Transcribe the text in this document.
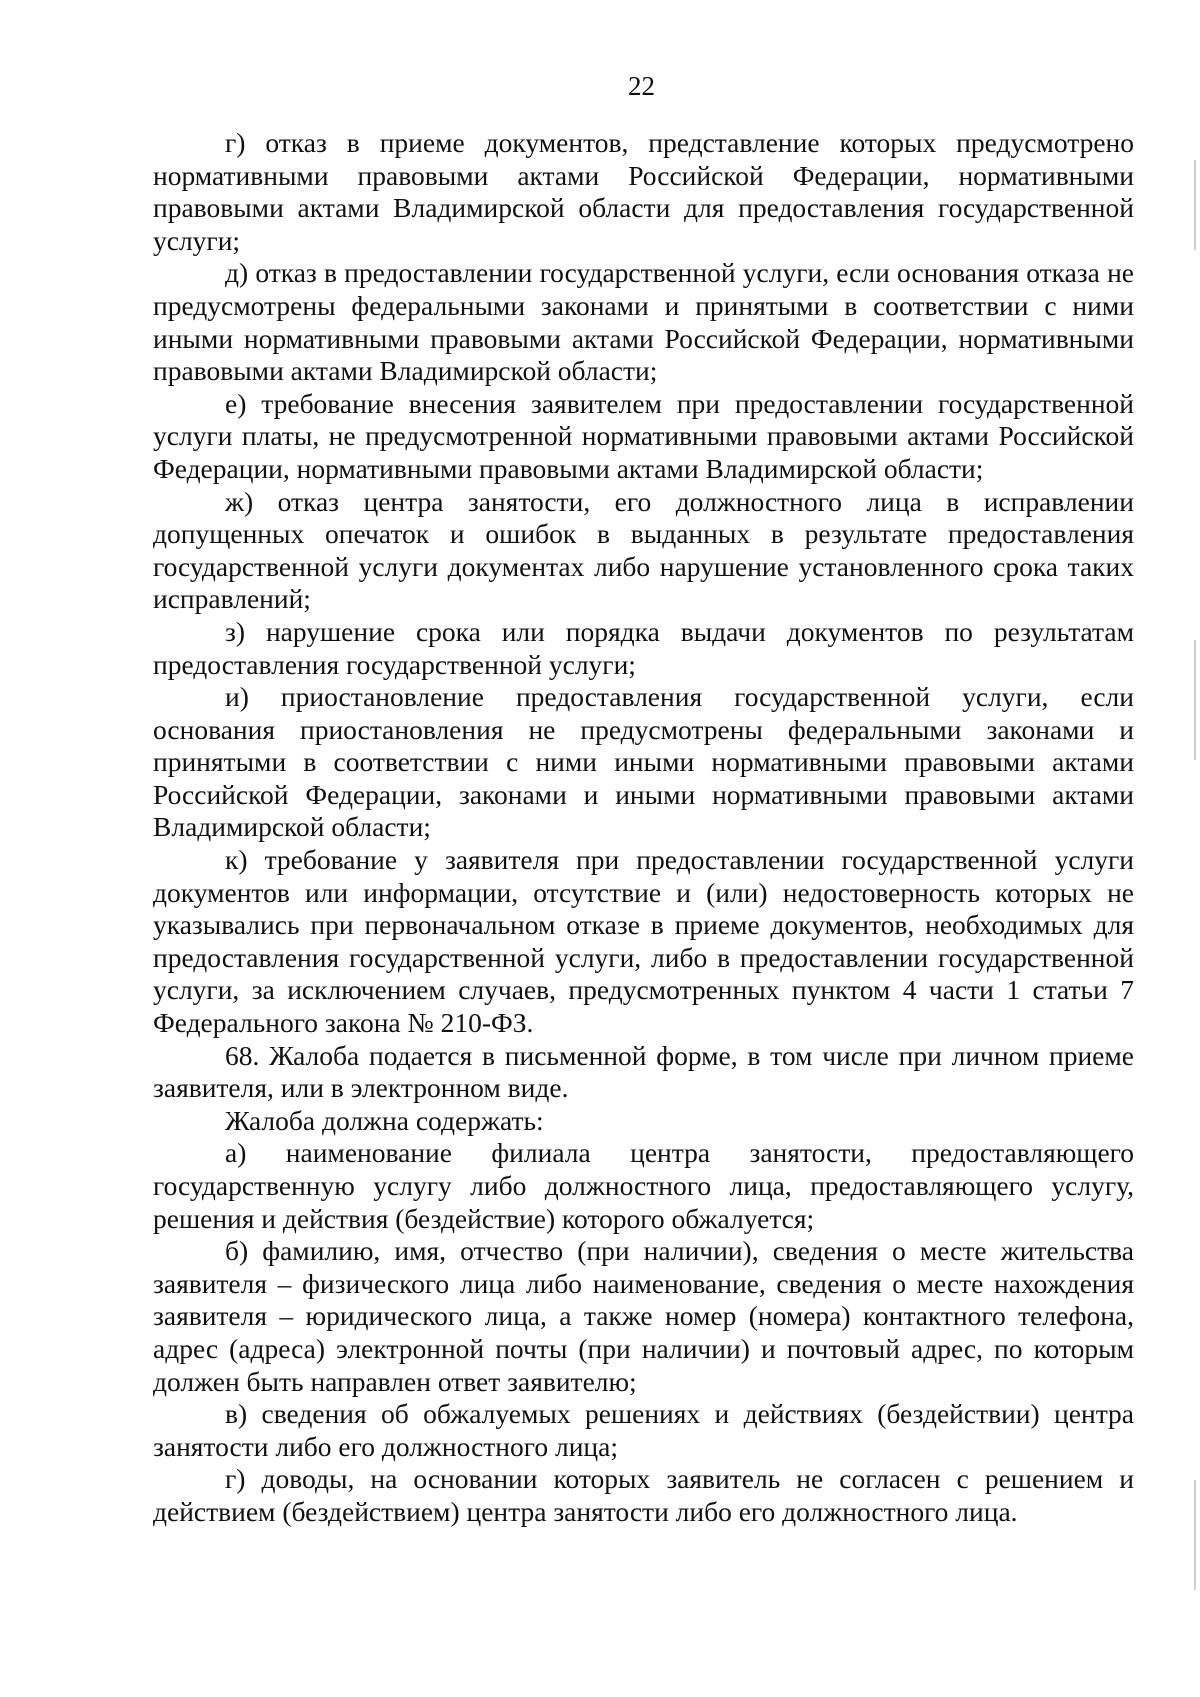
22

г) отказ в приеме документов, представление которых предусмотрено нормативными правовыми актами Российской Федерации, нормативными правовыми актами Владимирской области для предоставления государственной услуги;

д) отказ в предоставлении государственной услуги, если основания отказа не предусмотрены федеральными законами и принятыми в соответствии с ними иными нормативными правовыми актами Российской Федерации, нормативными правовыми актами Владимирской области;

е) требование внесения заявителем при предоставлении государственной услуги платы, не предусмотренной нормативными правовыми актами Российской Федерации, нормативными правовыми актами Владимирской области;

ж) отказ центра занятости, его должностного лица в исправлении допущенных опечаток и ошибок в выданных в результате предоставления государственной услуги документах либо нарушение установленного срока таких исправлений;

з) нарушение срока или порядка выдачи документов по результатам предоставления государственной услуги;

и) приостановление предоставления государственной услуги, если основания приостановления не предусмотрены федеральными законами и принятыми в соответствии с ними иными нормативными правовыми актами Российской Федерации, законами и иными нормативными правовыми актами Владимирской области;

к) требование у заявителя при предоставлении государственной услуги документов или информации, отсутствие и (или) недостоверность которых не указывались при первоначальном отказе в приеме документов, необходимых для предоставления государственной услуги, либо в предоставлении государственной услуги, за исключением случаев, предусмотренных пунктом 4 части 1 статьи 7 Федерального закона № 210-ФЗ.

68. Жалоба подается в письменной форме, в том числе при личном приеме заявителя, или в электронном виде.

Жалоба должна содержать:

а) наименование филиала центра занятости, предоставляющего государственную услугу либо должностного лица, предоставляющего услугу, решения и действия (бездействие) которого обжалуется;

б) фамилию, имя, отчество (при наличии), сведения о месте жительства заявителя – физического лица либо наименование, сведения о месте нахождения заявителя – юридического лица, а также номер (номера) контактного телефона, адрес (адреса) электронной почты (при наличии) и почтовый адрес, по которым должен быть направлен ответ заявителю;

в) сведения об обжалуемых решениях и действиях (бездействии) центра занятости либо его должностного лица;

г) доводы, на основании которых заявитель не согласен с решением и действием (бездействием) центра занятости либо его должностного лица.
